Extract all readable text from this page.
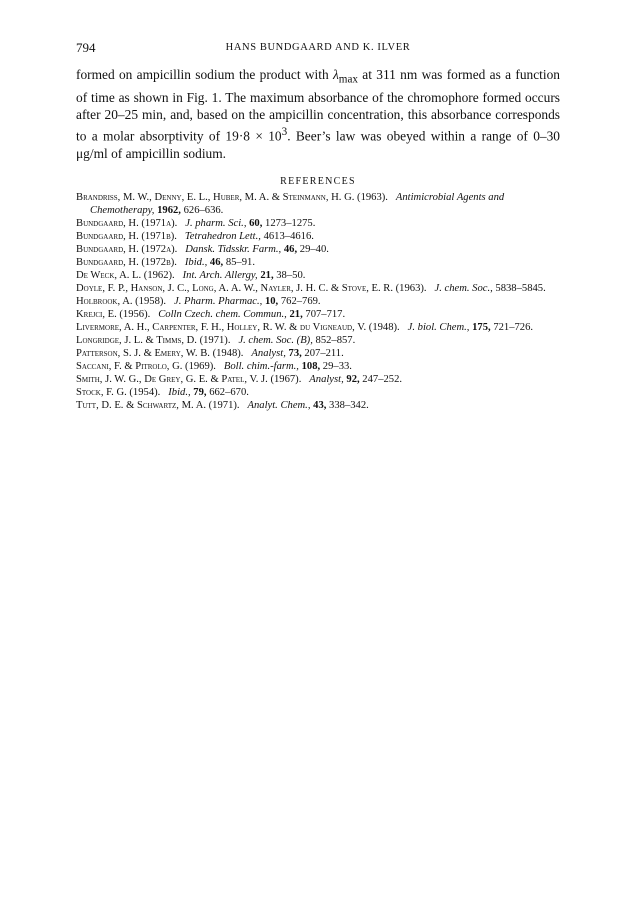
794	HANS BUNDGAARD AND K. ILVER

formed on ampicillin sodium the product with $\lambda_{max}$ at 311 nm was formed as a function of time as shown in Fig. 1. The maximum absorbance of the chromophore formed occurs after 20–25 min, and, based on the ampicillin concentration, this absorbance corresponds to a molar absorptivity of $19\cdot 8 \times 10^3$. Beer’s law was obeyed within a range of 0–30 μg/ml of ampicillin sodium.

REFERENCES

Brandriss, M. W., Denny, E. L., Huber, M. A. & Steinmann, H. G. (1963).  Antimicrobial Agents and Chemotherapy, 1962, 626–636.

Bundgaard, H. (1971a).  J. pharm. Sci., 60, 1273–1275.

Bundgaard, H. (1971b).  Tetrahedron Lett., 4613–4616.

Bundgaard, H. (1972a).  Dansk. Tidsskr. Farm., 46, 29–40.

Bundgaard, H. (1972b).  Ibid., 46, 85–91.

De Weck, A. L. (1962).  Int. Arch. Allergy, 21, 38–50.

Doyle, F. P., Hanson, J. C., Long, A. A. W., Nayler, J. H. C. & Stove, E. R. (1963).  J. chem. Soc., 5838–5845.

Holbrook, A. (1958).  J. Pharm. Pharmac., 10, 762–769.

Krejci, E. (1956).  Colln Czech. chem. Commun., 21, 707–717.

Livermore, A. H., Carpenter, F. H., Holley, R. W. & du Vigneaud, V. (1948).  J. biol. Chem., 175, 721–726.

Longridge, J. L. & Timms, D. (1971).  J. chem. Soc. (B), 852–857.

Patterson, S. J. & Emery, W. B. (1948).  Analyst, 73, 207–211.

Saccani, F. & Pitrolo, G. (1969).  Boll. chim.-farm., 108, 29–33.

Smith, J. W. G., De Grey, G. E. & Patel, V. J. (1967).  Analyst, 92, 247–252.

Stock, F. G. (1954).  Ibid., 79, 662–670.

Tutt, D. E. & Schwartz, M. A. (1971).  Analyt. Chem., 43, 338–342.
